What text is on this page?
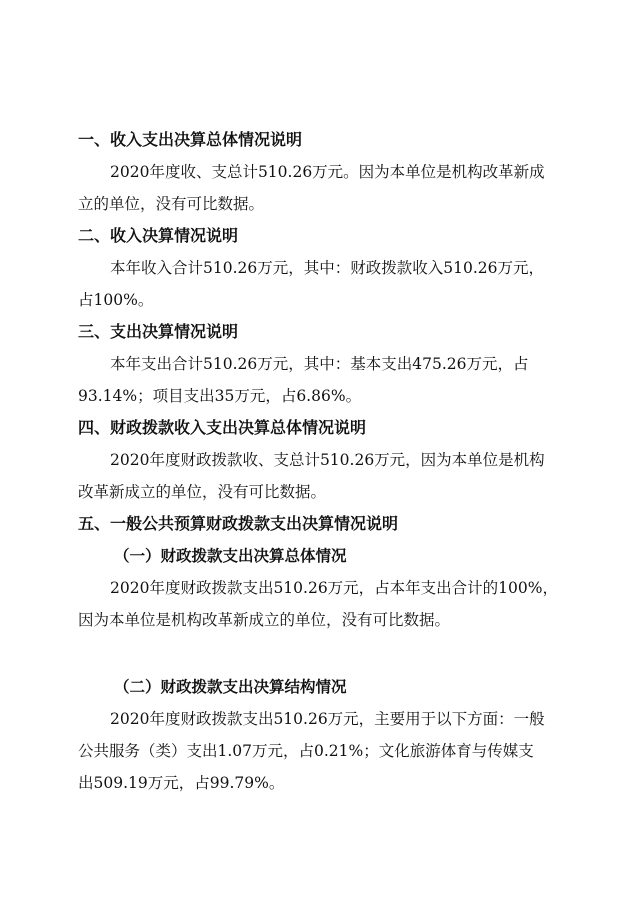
一、收入支出决算总体情况说明
2020年度收、支总计510.26万元。因为本单位是机构改革新成
立的单位，没有可比数据。
二、收入决算情况说明
本年收入合计510.26万元，其中：财政拨款收入510.26万元，
占100%。
三、支出决算情况说明
本年支出合计510.26万元，其中：基本支出475.26万元，占
93.14%；项目支出35万元，占6.86%。
四、财政拨款收入支出决算总体情况说明
2020年度财政拨款收、支总计510.26万元，因为本单位是机构
改革新成立的单位，没有可比数据。
五、一般公共预算财政拨款支出决算情况说明
（一）财政拨款支出决算总体情况
2020年度财政拨款支出510.26万元，占本年支出合计的100%，
因为本单位是机构改革新成立的单位，没有可比数据。
（二）财政拨款支出决算结构情况
2020年度财政拨款支出510.26万元，主要用于以下方面：一般
公共服务（类）支出1.07万元，占0.21%；文化旅游体育与传媒支
出509.19万元，占99.79%。
